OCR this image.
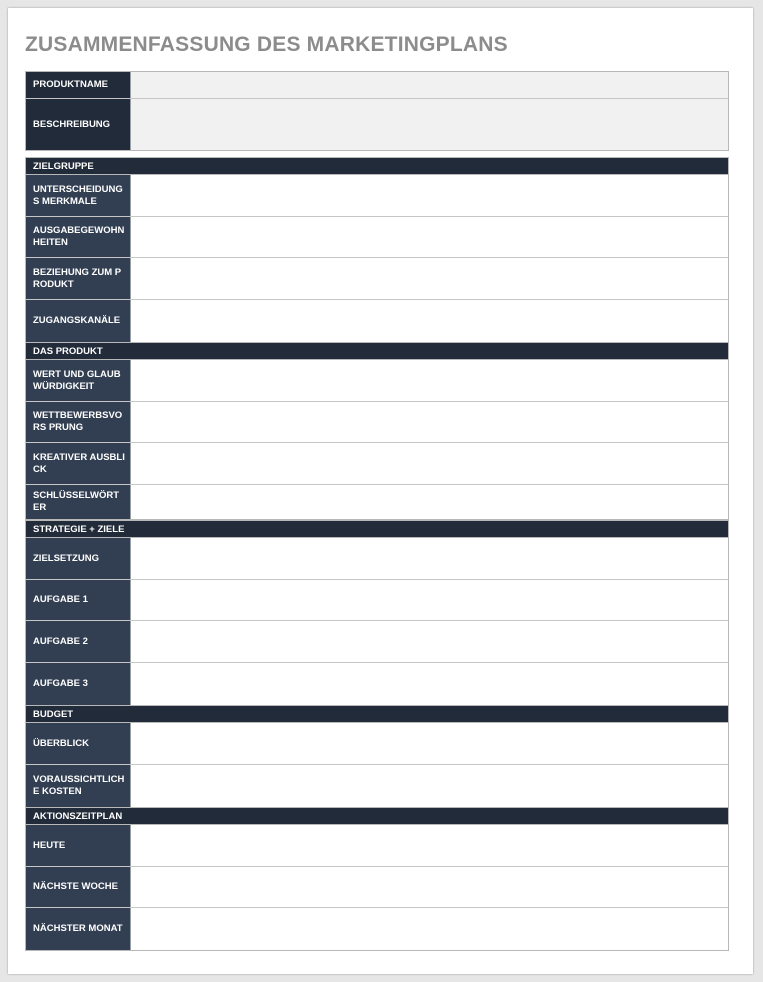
ZUSAMMENFASSUNG DES MARKETINGPLANS
PRODUKTNAME
BESCHREIBUNG
ZIELGRUPPE
UNTERSCHEIDUNGS MERKMALE
AUSGABEGEWOHN HEITEN
BEZIEHUNG ZUM PRODUKT
ZUGANGSKANÄLE
DAS PRODUKT
WERT UND GLAUBWÜRDIGKEIT
WETTBEWERBSVORS PRUNG
KREATIVER AUSBLICK
SCHLÜSSELWÖRTER
STRATEGIE + ZIELE
ZIELSETZUNG
AUFGABE 1
AUFGABE 2
AUFGABE 3
BUDGET
ÜBERBLICK
VORAUSSICHTLICH E KOSTEN
AKTIONSZEITPLAN
HEUTE
NÄCHSTE WOCHE
NÄCHSTER MONAT
